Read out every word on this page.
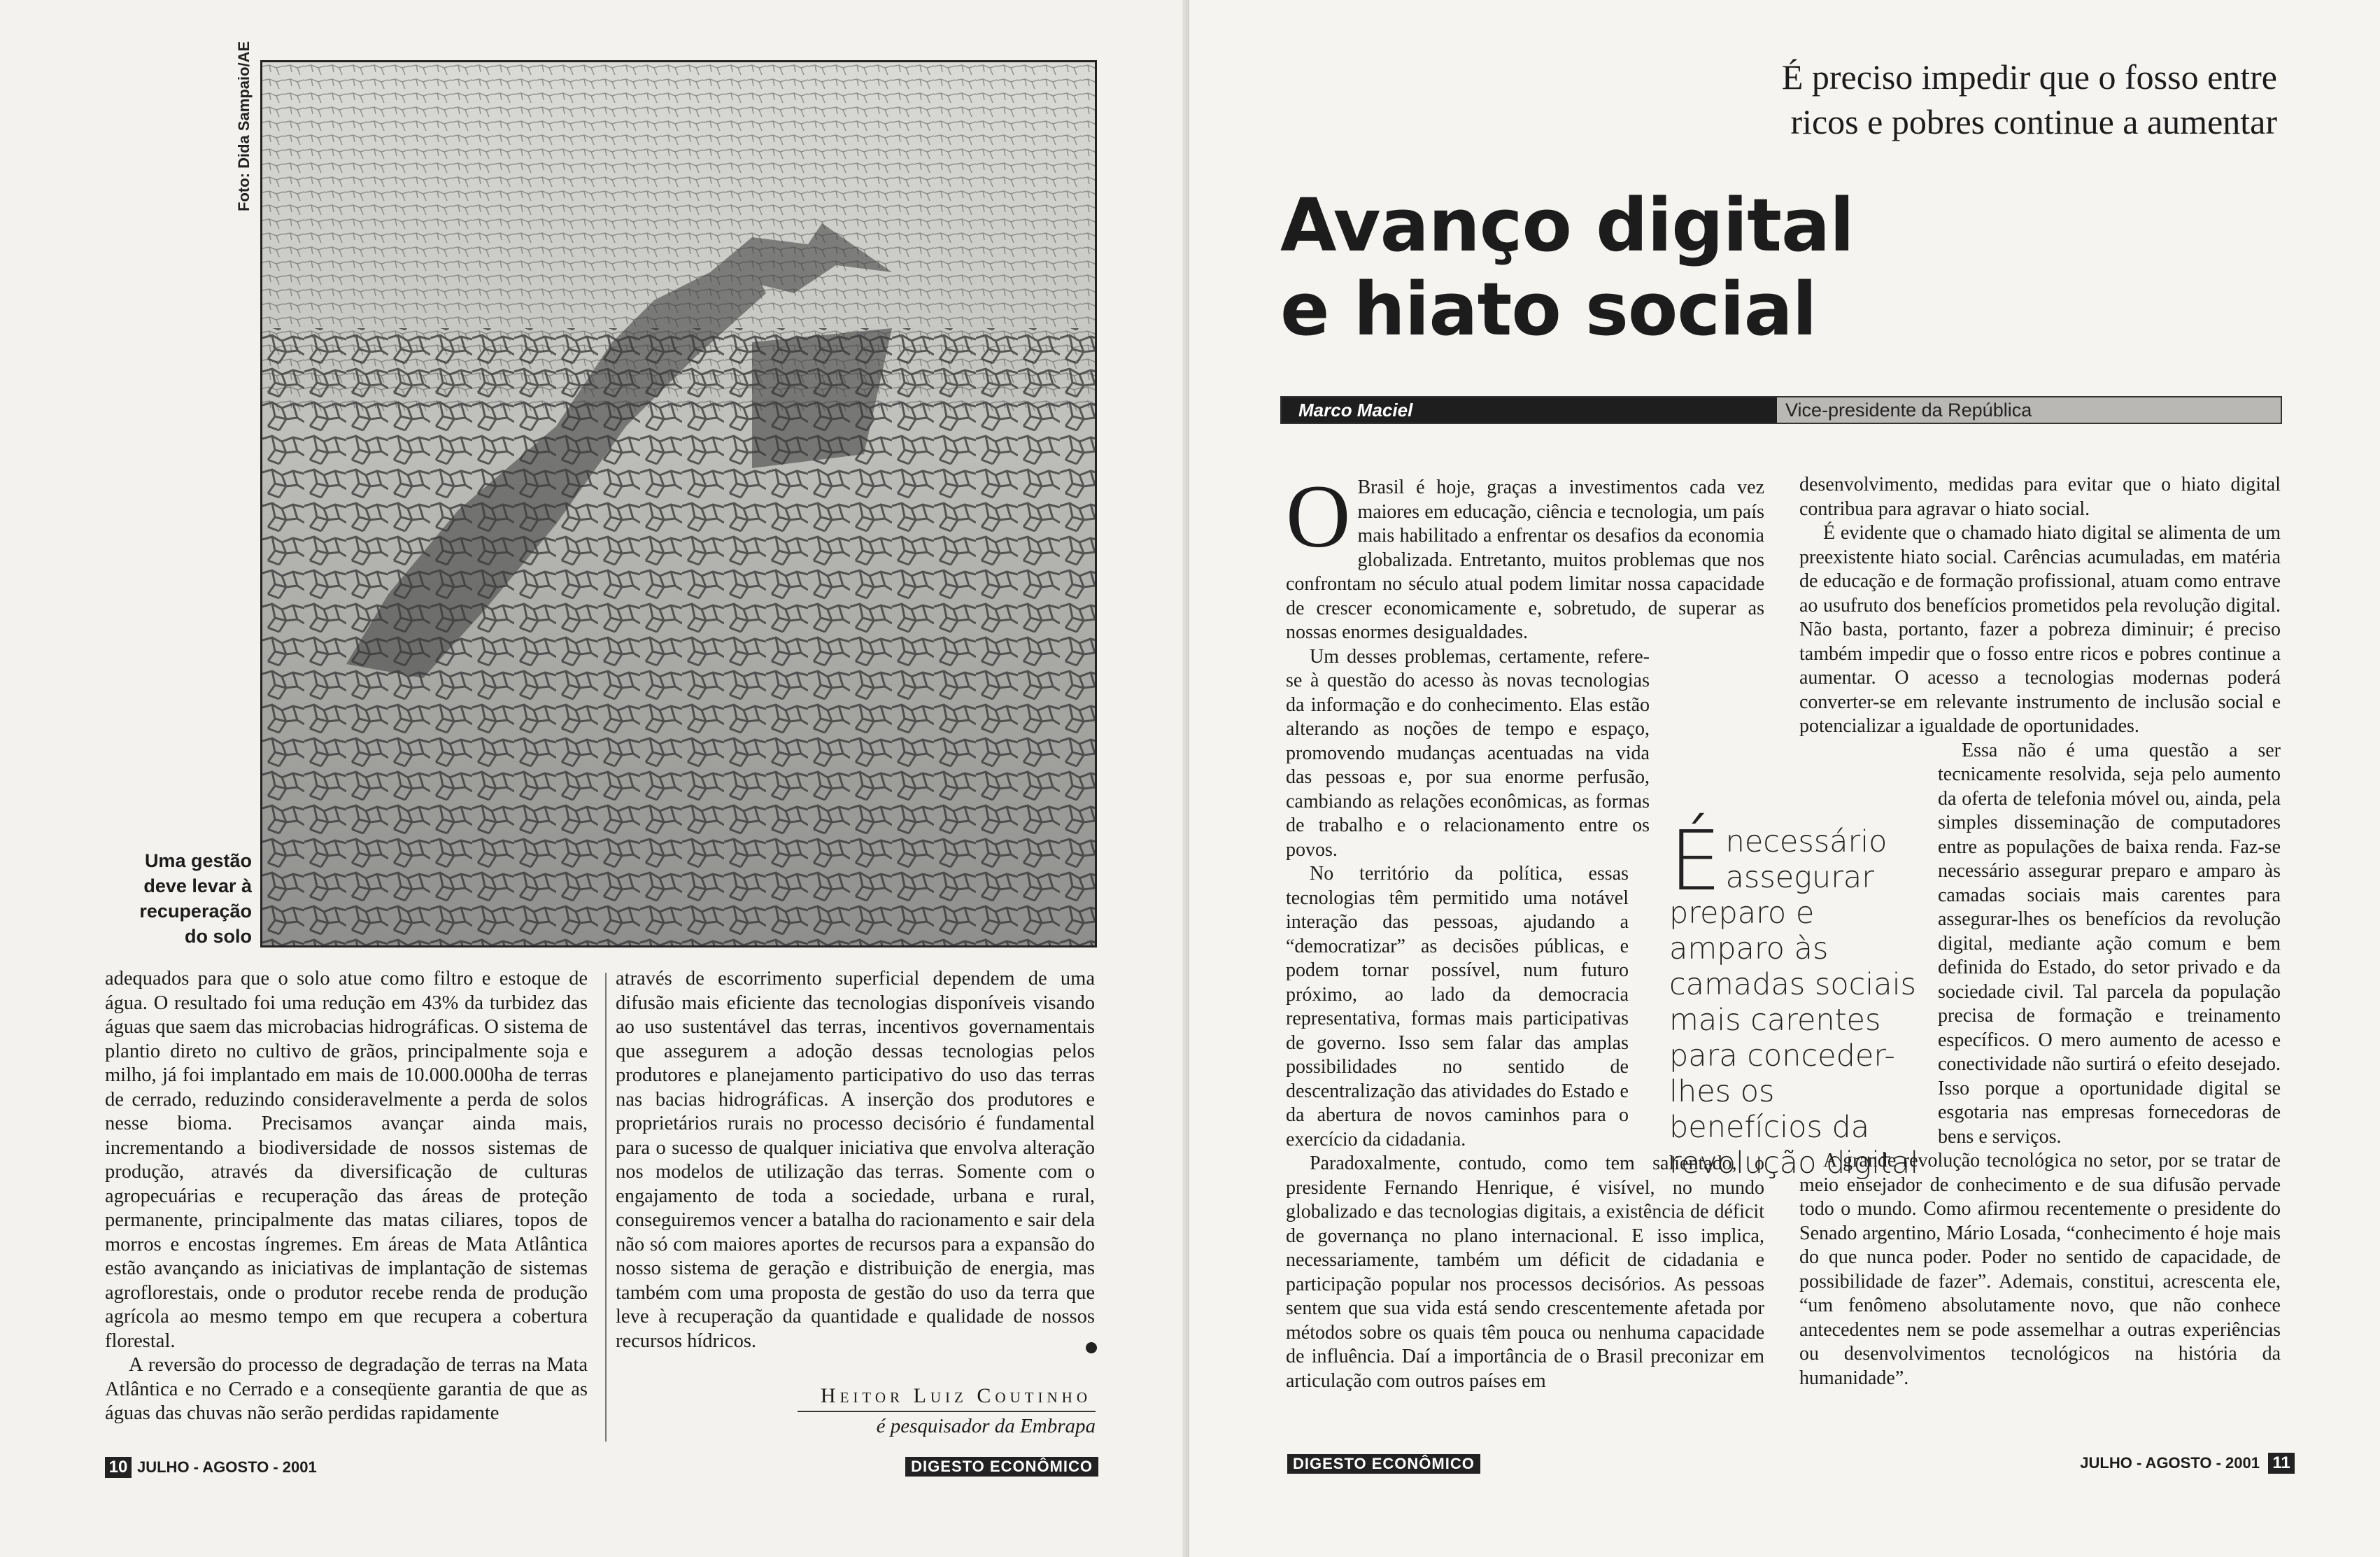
Foto: Dida Sampaio/AE
Uma gestão
deve levar à
recuperação
do solo

adequados para que o solo atue como filtro e estoque de água. O resultado foi uma redução em 43% da turbidez das águas que saem das microbacias hidrográficas. O sistema de plantio direto no cultivo de grãos, principalmente soja e milho, já foi implantado em mais de 10.000.000ha de terras de cerrado, reduzindo consideravelmente a perda de solos nesse bioma. Precisamos avançar ainda mais, incrementando a biodiversidade de nossos sistemas de produção, através da diversificação de culturas agropecuárias e recuperação das áreas de proteção permanente, principalmente das matas ciliares, topos de morros e encostas íngremes. Em áreas de Mata Atlântica estão avançando as iniciativas de implantação de sistemas agroflorestais, onde o produtor recebe renda de produção agrícola ao mesmo tempo em que recupera a cobertura florestal.

A reversão do processo de degradação de terras na Mata Atlântica e no Cerrado e a conseqüente garantia de que as águas das chuvas não serão perdidas rapidamente

através de escorrimento superficial dependem de uma difusão mais eficiente das tecnologias disponíveis visando ao uso sustentável das terras, incentivos governamentais que assegurem a adoção dessas tecnologias pelos produtores e planejamento participativo do uso das terras nas bacias hidrográficas. A inserção dos produtores e proprietários rurais no processo decisório é fundamental para o sucesso de qualquer iniciativa que envolva alteração nos modelos de utilização das terras. Somente com o engajamento de toda a sociedade, urbana e rural, conseguiremos vencer a batalha do racionamento e sair dela não só com maiores aportes de recursos para a expansão do nosso sistema de geração e distribuição de energia, mas também com uma proposta de gestão do uso da terra que leve à recuperação da quantidade e qualidade de nossos recursos hídricos.

Heitor Luiz Coutinho
é pesquisador da Embrapa
10 JULHO - AGOSTO - 2001	DIGESTO ECONÔMICO
É preciso impedir que o fosso entre
ricos e pobres continue a aumentar
Avanço digital
e hiato social
Marco Maciel	Vice-presidente da República

O Brasil é hoje, graças a investimentos cada vez maiores em educação, ciência e tecnologia, um país mais habilitado a enfrentar os desafios da economia globalizada. Entretanto, muitos problemas que nos confrontam no século atual podem limitar nossa capacidade de crescer economicamente e, sobretudo, de superar as nossas enormes desigualdades.

Um desses problemas, certamente, refere-se à questão do acesso às novas tecnologias da informação e do conhecimento. Elas estão alterando as noções de tempo e espaço, promovendo mudanças acentuadas na vida das pessoas e, por sua enorme perfusão, cambiando as relações econômicas, as formas de trabalho e o relacionamento entre os povos.

No território da política, essas tecnologias têm permitido uma notável interação das pessoas, ajudando a “democratizar” as decisões públicas, e podem tornar possível, num futuro próximo, ao lado da democracia representativa, formas mais participativas de governo. Isso sem falar das amplas possibilidades no sentido de descentralização das atividades do Estado e da abertura de novos caminhos para o exercício da cidadania.

Paradoxalmente, contudo, como tem salientado, o presidente Fernando Henrique, é visível, no mundo globalizado e das tecnologias digitais, a existência de déficit de governança no plano internacional. E isso implica, necessariamente, também um déficit de cidadania e participação popular nos processos decisórios. As pessoas sentem que sua vida está sendo crescentemente afetada por métodos sobre os quais têm pouca ou nenhuma capacidade de influência. Daí a importância de o Brasil preconizar em articulação com outros países em

Énecessário assegurar preparo e amparo às camadas sociais mais carentes para conceder-lhes os benefícios da revolução digital

desenvolvimento, medidas para evitar que o hiato digital contribua para agravar o hiato social.

É evidente que o chamado hiato digital se alimenta de um preexistente hiato social. Carências acumuladas, em matéria de educação e de formação profissional, atuam como entrave ao usufruto dos benefícios prometidos pela revolução digital. Não basta, portanto, fazer a pobreza diminuir; é preciso também impedir que o fosso entre ricos e pobres continue a aumentar. O acesso a tecnologias modernas poderá converter-se em relevante instrumento de inclusão social e potencializar a igualdade de oportunidades.

Essa não é uma questão a ser tecnicamente resolvida, seja pelo aumento da oferta de telefonia móvel ou, ainda, pela simples disseminação de computadores entre as populações de baixa renda. Faz-se necessário assegurar preparo e amparo às camadas sociais mais carentes para assegurar-lhes os benefícios da revolução digital, mediante ação comum e bem definida do Estado, do setor privado e da sociedade civil. Tal parcela da população precisa de formação e treinamento específicos. O mero aumento de acesso e conectividade não surtirá o efeito desejado. Isso porque a oportunidade digital se esgotaria nas empresas fornecedoras de bens e serviços.

A grande revolução tecnológica no setor, por se tratar de meio ensejador de conhecimento e de sua difusão pervade todo o mundo. Como afirmou recentemente o presidente do Senado argentino, Mário Losada, “conhecimento é hoje mais do que nunca poder. Poder no sentido de capacidade, de possibilidade de fazer”. Ademais, constitui, acrescenta ele, “um fenômeno absolutamente novo, que não conhece antecedentes nem se pode assemelhar a outras experiências ou desenvolvimentos tecnológicos na história da humanidade”.

DIGESTO ECONÔMICO	JULHO - AGOSTO - 2001 11
